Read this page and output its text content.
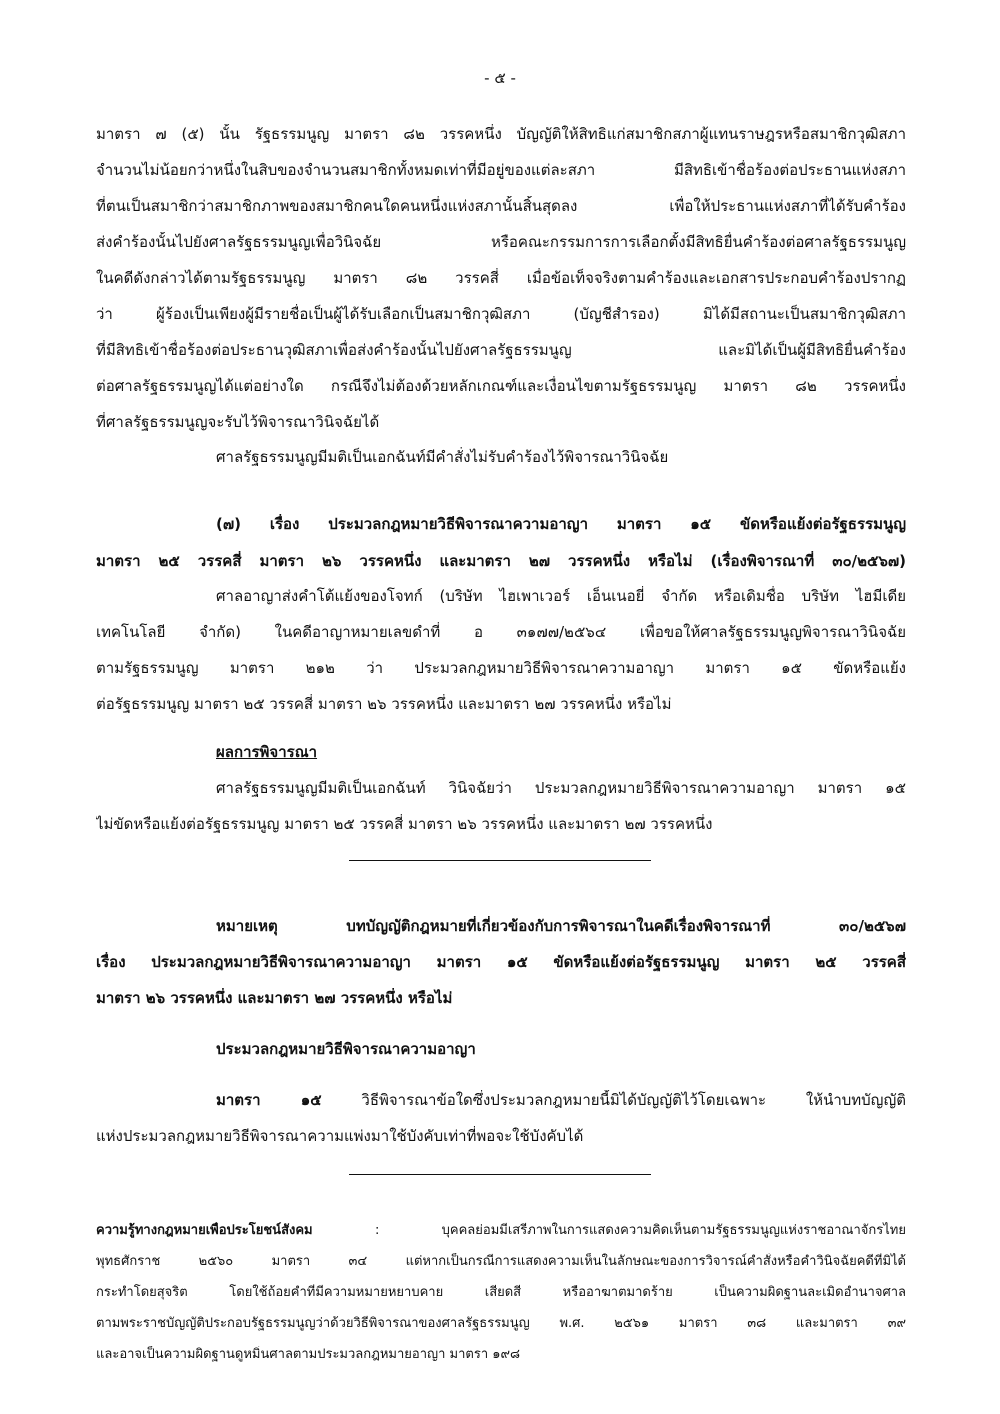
- ๕ -
มาตรา ๗ (๕) นั้น รัฐธรรมนูญ มาตรา ๘๒ วรรคหนึ่ง บัญญัติให้สิทธิแก่สมาชิกสภาผู้แทนราษฎรหรือสมาชิกวุฒิสภา
จำนวนไม่น้อยกว่าหนึ่งในสิบของจำนวนสมาชิกทั้งหมดเท่าที่มีอยู่ของแต่ละสภา มีสิทธิเข้าชื่อร้องต่อประธานแห่งสภา
ที่ตนเป็นสมาชิกว่าสมาชิกภาพของสมาชิกคนใดคนหนึ่งแห่งสภานั้นสิ้นสุดลง เพื่อให้ประธานแห่งสภาที่ได้รับคำร้อง
ส่งคำร้องนั้นไปยังศาลรัฐธรรมนูญเพื่อวินิจฉัย หรือคณะกรรมการการเลือกตั้งมีสิทธิยื่นคำร้องต่อศาลรัฐธรรมนูญ
ในคดีดังกล่าวได้ตามรัฐธรรมนูญ มาตรา ๘๒ วรรคสี่ เมื่อข้อเท็จจริงตามคำร้องและเอกสารประกอบคำร้องปรากฏ
ว่า ผู้ร้องเป็นเพียงผู้มีรายชื่อเป็นผู้ได้รับเลือกเป็นสมาชิกวุฒิสภา (บัญชีสำรอง) มิได้มีสถานะเป็นสมาชิกวุฒิสภา
ที่มีสิทธิเข้าชื่อร้องต่อประธานวุฒิสภาเพื่อส่งคำร้องนั้นไปยังศาลรัฐธรรมนูญ และมิได้เป็นผู้มีสิทธิยื่นคำร้อง
ต่อศาลรัฐธรรมนูญได้แต่อย่างใด กรณีจึงไม่ต้องด้วยหลักเกณฑ์และเงื่อนไขตามรัฐธรรมนูญ มาตรา ๘๒ วรรคหนึ่ง
ที่ศาลรัฐธรรมนูญจะรับไว้พิจารณาวินิจฉัยได้
ศาลรัฐธรรมนูญมีมติเป็นเอกฉันท์มีคำสั่งไม่รับคำร้องไว้พิจารณาวินิจฉัย
(๗) เรื่อง ประมวลกฎหมายวิธีพิจารณาความอาญา มาตรา ๑๕ ขัดหรือแย้งต่อรัฐธรรมนูญ
มาตรา ๒๕ วรรคสี่ มาตรา ๒๖ วรรคหนึ่ง และมาตรา ๒๗ วรรคหนึ่ง หรือไม่ (เรื่องพิจารณาที่ ๓๐/๒๕๖๗)
ศาลอาญาส่งคำโต้แย้งของโจทก์ (บริษัท ไฮเพาเวอร์ เอ็นเนอยี่ จำกัด หรือเดิมชื่อ บริษัท ไฮมีเดีย
เทคโนโลยี จำกัด) ในคดีอาญาหมายเลขดำที่ อ ๓๑๗๗/๒๕๖๔ เพื่อขอให้ศาลรัฐธรรมนูญพิจารณาวินิจฉัย
ตามรัฐธรรมนูญ มาตรา ๒๑๒ ว่า ประมวลกฎหมายวิธีพิจารณาความอาญา มาตรา ๑๕ ขัดหรือแย้ง
ต่อรัฐธรรมนูญ มาตรา ๒๕ วรรคสี่ มาตรา ๒๖ วรรคหนึ่ง และมาตรา ๒๗ วรรคหนึ่ง หรือไม่
ผลการพิจารณา
ศาลรัฐธรรมนูญมีมติเป็นเอกฉันท์ วินิจฉัยว่า ประมวลกฎหมายวิธีพิจารณาความอาญา มาตรา ๑๕
ไม่ขัดหรือแย้งต่อรัฐธรรมนูญ มาตรา ๒๕ วรรคสี่ มาตรา ๒๖ วรรคหนึ่ง และมาตรา ๒๗ วรรคหนึ่ง
หมายเหตุ บทบัญญัติกฎหมายที่เกี่ยวข้องกับการพิจารณาในคดีเรื่องพิจารณาที่ ๓๐/๒๕๖๗
เรื่อง ประมวลกฎหมายวิธีพิจารณาความอาญา มาตรา ๑๕ ขัดหรือแย้งต่อรัฐธรรมนูญ มาตรา ๒๕ วรรคสี่
มาตรา ๒๖ วรรคหนึ่ง และมาตรา ๒๗ วรรคหนึ่ง หรือไม่
ประมวลกฎหมายวิธีพิจารณาความอาญา
มาตรา ๑๕	วิธีพิจารณาข้อใดซึ่งประมวลกฎหมายนี้มิได้บัญญัติไว้โดยเฉพาะ ให้นำบทบัญญัติ
แห่งประมวลกฎหมายวิธีพิจารณาความแพ่งมาใช้บังคับเท่าที่พอจะใช้บังคับได้
ความรู้ทางกฎหมายเพื่อประโยชน์สังคม : บุคคลย่อมมีเสรีภาพในการแสดงความคิดเห็นตามรัฐธรรมนูญแห่งราชอาณาจักรไทย
พุทธศักราช ๒๕๖๐ มาตรา ๓๔ แต่หากเป็นกรณีการแสดงความเห็นในลักษณะของการวิจารณ์คำสั่งหรือคำวินิจฉัยคดีที่มิได้
กระทำโดยสุจริต โดยใช้ถ้อยคำที่มีความหมายหยาบคาย เสียดสี หรืออาฆาตมาดร้าย เป็นความผิดฐานละเมิดอำนาจศาล
ตามพระราชบัญญัติประกอบรัฐธรรมนูญว่าด้วยวิธีพิจารณาของศาลรัฐธรรมนูญ พ.ศ. ๒๕๖๑ มาตรา ๓๘ และมาตรา ๓๙
และอาจเป็นความผิดฐานดูหมิ่นศาลตามประมวลกฎหมายอาญา มาตรา ๑๙๘
